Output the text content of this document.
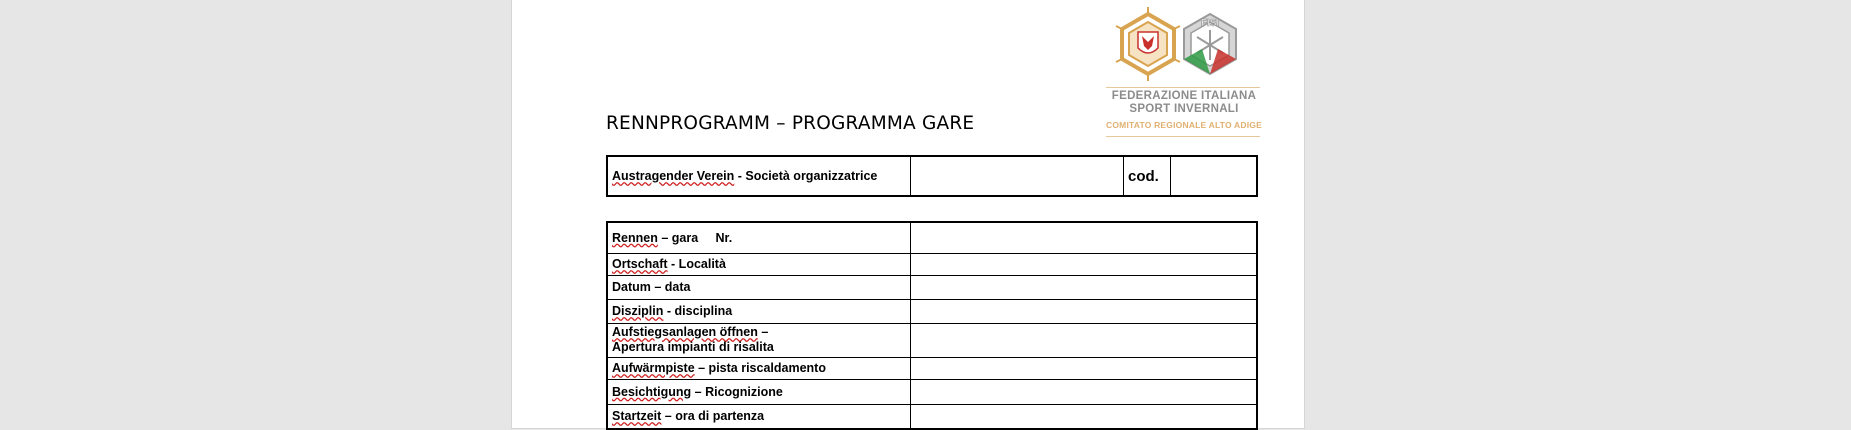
FISI
FEDERAZIONE ITALIANA
SPORT INVERNALI
COMITATO REGIONALE ALTO ADIGE
RENNPROGRAMM – PROGRAMMA GARE
Austragender Verein - Società organizzatrice		cod.	
Rennen – gara     Nr.	
Ortschaft - Località	
Datum – data	
Disziplin - disciplina	
Aufstiegsanlagen öffnen –
Apertura impianti di risalita	
Aufwärmpiste – pista riscaldamento	
Besichtigung – Ricognizione	
Startzeit – ora di partenza	
